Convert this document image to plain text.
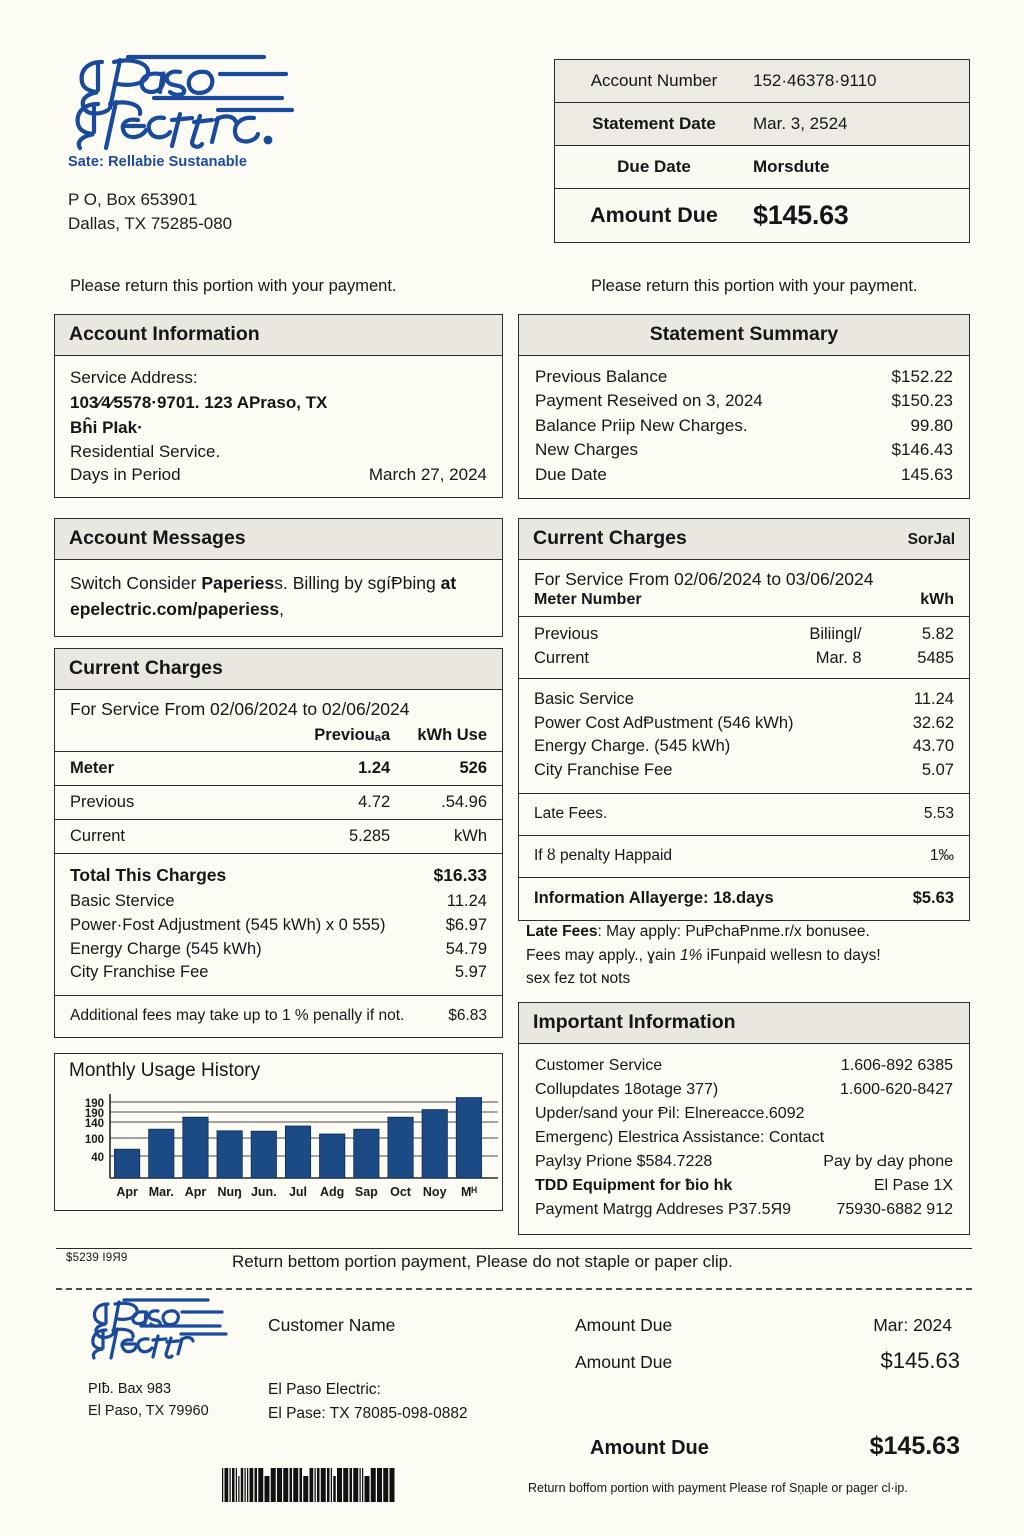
Sate: Rellabie Sustanable
P O, Box 653901
Dallas, TX 75285-080
Account Number	152·46378·9110
Statement Date	Mar. 3, 2524
Due Date	Morsdute
Amount Due	$145.63
Please return this portion with your payment.	Please return this portion with your payment.
Account Information
Service Address:
103⁄4⁄5578·9701. 123 APraso, TX
Bĥi PІak·
Residential Service.
Days in Period	March 27, 2024
Statement Summary
Previous Balance	$152.22
Payment Reseived on 3, 2024	$150.23
Balance Priip New Charges.	99.80
New Charges	$146.43
Due Date	145.63
Account Messages
Switch Consider Paperiess. Billing by sgíⱣbing at epelectric.com/paperiess,
Current Charges
For Service From 02/06/2024 to 02/06/2024
	Previouₐa	kWh Use
Meter	1.24	526
Previous	4.72	.54.96
Current	5.285	kWh
Total This Charges	$16.33
Basic Stervice	11.24
Power·Fost Adjustment (545 kWh) x 0 555)	$6.97
Energy Charge (545 kWh)	54.79
City Franchise Fee	5.97
Additional fees may take up to 1 % penally if not.	$6.83
Current Charges	SorJal
For Service From 02/06/2024 to 03/06/2024
Meter Number	kWh
Previous	Biliingl/	5.82
Current	Mar. 8	5485
Basic Service	11.24
Power Cost AdⱣustment (546 kWh)	32.62
Energy Charge. (545 kWh)	43.70
City Franchise Fee	5.07
Late Fees.	5.53
If ȣ penalty Happaid	1‰
Information Allayerge: 18.days	$5.63
Late Fees: May apply: PuⱣchaⱣnme.r/x bonusee.
Fees may apply., ɣain 1% iFunpaid wellesn to days!
sex fez tot ɴots
Important Information
Customer Service	1.606-892 6385
Collupdates 18otage 377)	1.600-620-8427
Upder/sand your Ᵽil: Elnereacce.6092
Emergenc) Elestrica Assistance: Contact
Paylзy Prione $584.7228	Pay by Ԁay phone
TDD Equipment for ƀio hk	El Pase 1X
Payment Matrɡɡ Addreses PЗ7.5Я9	75930-6882 912
Monthly Usage History
190
190
140
100
40
Apr Mar. Apr Nuŋ Jun. Jul Adg Sap Oct Noy Mᴴ
$5239 І9Я9	Return bettom portion payment, Please do not staple or paper clip.
Customer Name	Amount Due	Mar: 2024
Amount Due	$145.63
PІƀ. Bax 983
El Paso, TX 79960
El Paso Electric:
El Pase: TX 78085-098-0882
Amount Due	$145.63
Return boffom portion with payment Please rof Sņaple or pager cl·ip.
